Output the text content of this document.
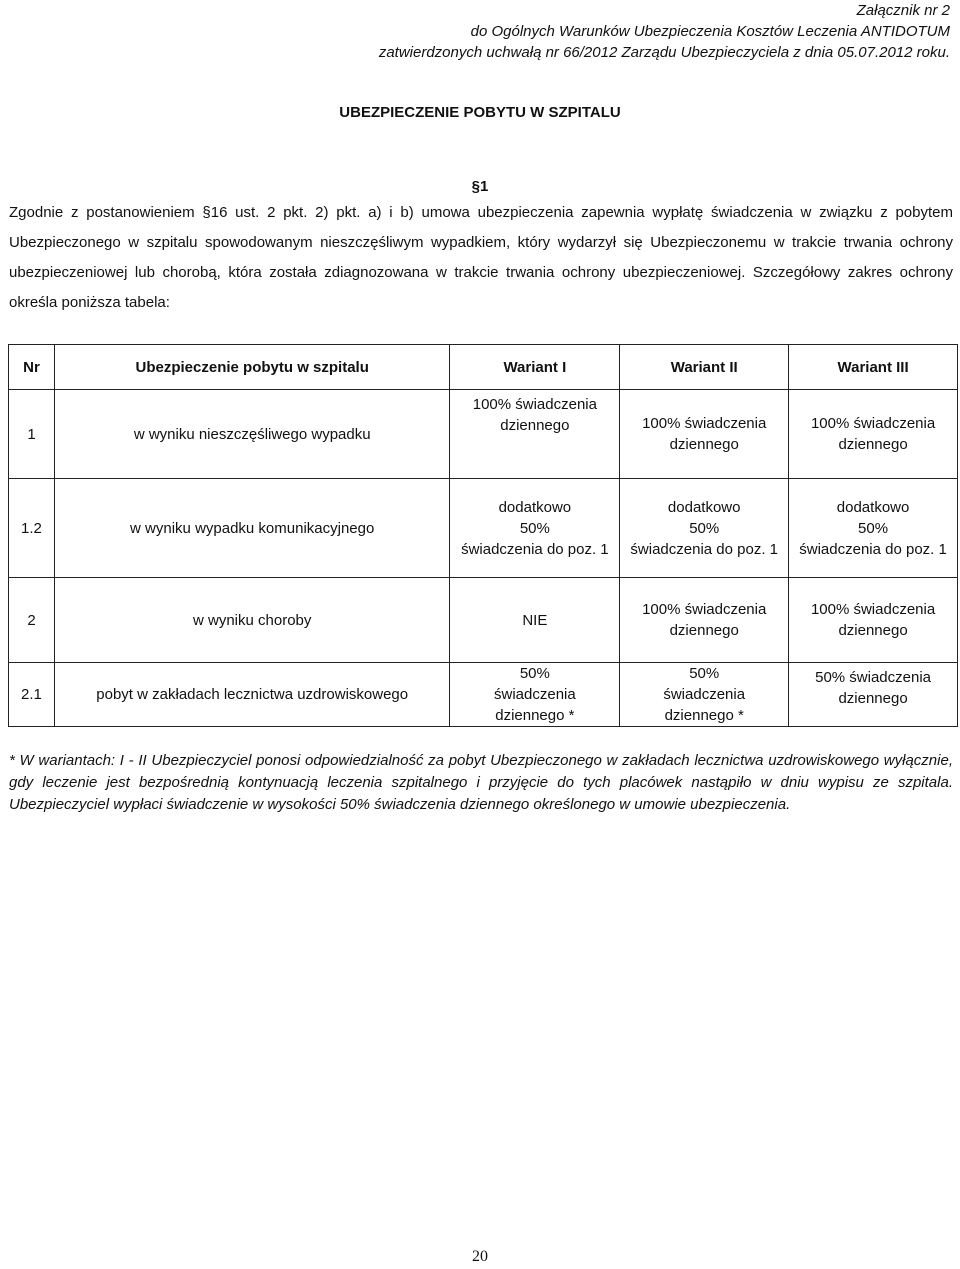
Załącznik nr 2
do Ogólnych Warunków Ubezpieczenia Kosztów Leczenia ANTIDOTUM
zatwierdzonych uchwałą nr 66/2012 Zarządu Ubezpieczyciela z dnia 05.07.2012 roku.
UBEZPIECZENIE POBYTU W SZPITALU
§1
Zgodnie z postanowieniem §16 ust. 2 pkt. 2) pkt. a) i b) umowa ubezpieczenia zapewnia wypłatę świadczenia w związku z pobytem Ubezpieczonego w szpitalu spowodowanym nieszczęśliwym wypadkiem, który wydarzył się Ubezpieczonemu w trakcie trwania ochrony ubezpieczeniowej lub chorobą, która została zdiagnozowana w trakcie trwania ochrony ubezpieczeniowej. Szczegółowy zakres ochrony określa poniższa tabela:
Nr	Ubezpieczenie pobytu w szpitalu	Wariant I	Wariant II	Wariant III
1	w wyniku nieszczęśliwego wypadku	100% świadczenia dziennego	100% świadczenia dziennego	100% świadczenia dziennego
1.2	w wyniku wypadku komunikacyjnego	dodatkowo
50%
świadczenia do poz. 1	dodatkowo
50%
świadczenia do poz. 1	dodatkowo
50%
świadczenia do poz. 1
2	w wyniku choroby	NIE	100% świadczenia dziennego	100% świadczenia dziennego
2.1	pobyt w zakładach lecznictwa uzdrowiskowego	50%
świadczenia
dziennego *	50%
świadczenia
dziennego *	50% świadczenia dziennego
* W wariantach: I - II Ubezpieczyciel ponosi odpowiedzialność za pobyt Ubezpieczonego w zakładach lecznictwa uzdrowiskowego wyłącznie, gdy leczenie jest bezpośrednią kontynuacją leczenia szpitalnego i przyjęcie do tych placówek nastąpiło w dniu wypisu ze szpitala. Ubezpieczyciel wypłaci świadczenie w wysokości 50% świadczenia dziennego określonego w umowie ubezpieczenia.
20
